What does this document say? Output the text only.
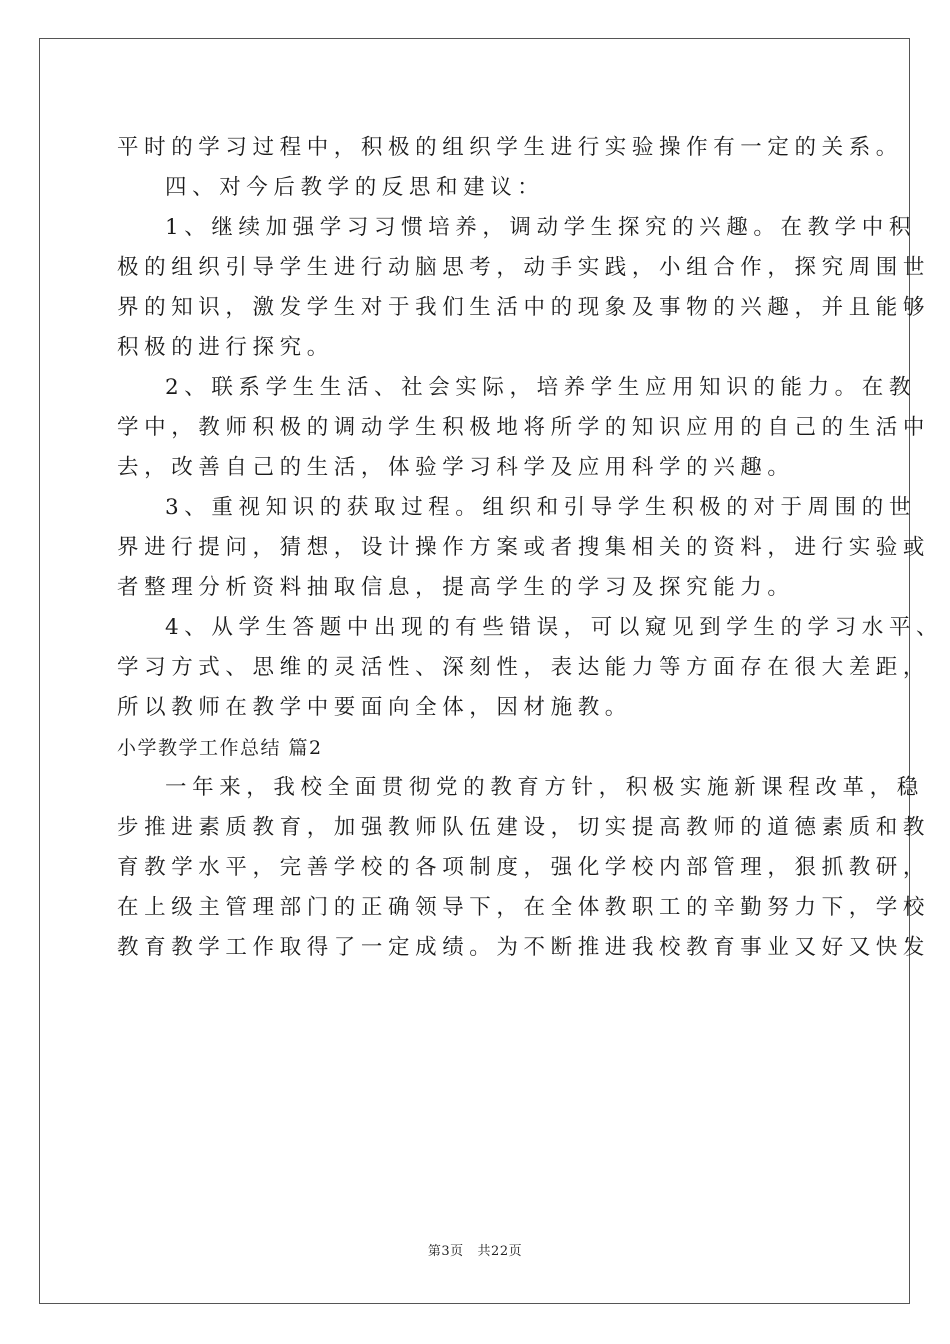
平时的学习过程中，积极的组织学生进行实验操作有一定的关系。
四、对今后教学的反思和建议：
1、继续加强学习习惯培养，调动学生探究的兴趣。在教学中积
极的组织引导学生进行动脑思考，动手实践，小组合作，探究周围世
界的知识，激发学生对于我们生活中的现象及事物的兴趣，并且能够
积极的进行探究。
2、联系学生生活、社会实际，培养学生应用知识的能力。在教
学中，教师积极的调动学生积极地将所学的知识应用的自己的生活中
去，改善自己的生活，体验学习科学及应用科学的兴趣。
3、重视知识的获取过程。组织和引导学生积极的对于周围的世
界进行提问，猜想，设计操作方案或者搜集相关的资料，进行实验或
者整理分析资料抽取信息，提高学生的学习及探究能力。
4、从学生答题中出现的有些错误，可以窥见到学生的学习水平、
学习方式、思维的灵活性、深刻性，表达能力等方面存在很大差距，
所以教师在教学中要面向全体，因材施教。
小学教学工作总结 篇2
一年来，我校全面贯彻党的教育方针，积极实施新课程改革，稳
步推进素质教育，加强教师队伍建设，切实提高教师的道德素质和教
育教学水平，完善学校的各项制度，强化学校内部管理，狠抓教研，
在上级主管理部门的正确领导下，在全体教职工的辛勤努力下，学校
教育教学工作取得了一定成绩。为不断推进我校教育事业又好又快发
第3页   共22页
